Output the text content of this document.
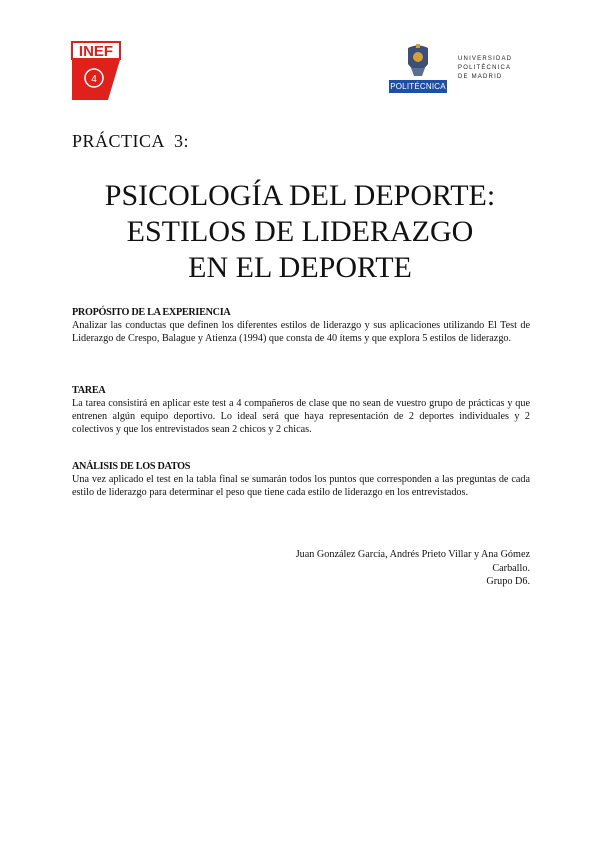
INEF
4
POLITÉCNICA
UNIVERSIDAD
POLITÉCNICA
DE MADRID
PRÁCTICA  3:
PSICOLOGÍA DEL DEPORTE:
ESTILOS DE LIDERAZGO
EN EL DEPORTE
PROPÓSITO DE LA EXPERIENCIA
Analizar las conductas que definen los diferentes estilos de liderazgo y sus aplicaciones utilizando El Test de Liderazgo de Crespo, Balague y Atienza (1994) que consta de 40 ítems y que explora 5 estilos de liderazgo.
TAREA
La tarea consistirá en aplicar este test a 4 compañeros de clase que no sean de vuestro grupo de prácticas y que entrenen algún equipo deportivo. Lo ideal será que haya representación de 2 deportes individuales y 2 colectivos y que los entrevistados sean 2 chicos y 2 chicas.
ANÁLISIS DE LOS DATOS
Una vez aplicado el test en la tabla final se sumarán todos los puntos que corresponden a las preguntas de cada estilo de liderazgo para determinar el peso que tiene cada estilo de liderazgo en los entrevistados.
Juan González García, Andrés Prieto Villar y Ana Gómez
Carballo.
Grupo D6.
